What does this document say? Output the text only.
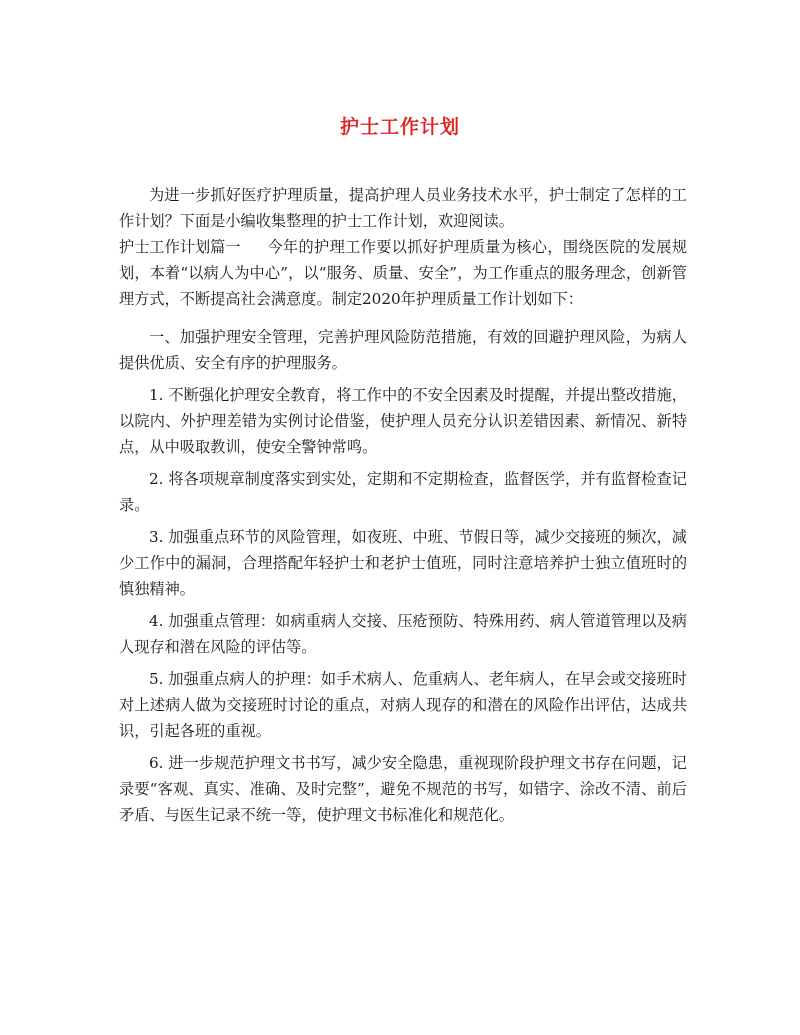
护士工作计划

为进一步抓好医疗护理质量，提高护理人员业务技术水平，护士制定了怎样的工作计划？下面是小编收集整理的护士工作计划，欢迎阅读。

护士工作计划篇一 今年的护理工作要以抓好护理质量为核心，围绕医院的发展规划，本着“以病人为中心”，以“服务、质量、安全”，为工作重点的服务理念，创新管理方式，不断提高社会满意度。制定2020年护理质量工作计划如下：

一、加强护理安全管理，完善护理风险防范措施，有效的回避护理风险，为病人提供优质、安全有序的护理服务。

1. 不断强化护理安全教育，将工作中的不安全因素及时提醒，并提出整改措施，以院内、外护理差错为实例讨论借鉴，使护理人员充分认识差错因素、新情况、新特点，从中吸取教训，使安全警钟常鸣。

2. 将各项规章制度落实到实处，定期和不定期检查，监督医学，并有监督检查记录。

3. 加强重点环节的风险管理，如夜班、中班、节假日等，减少交接班的频次，减少工作中的漏洞，合理搭配年轻护士和老护士值班，同时注意培养护士独立值班时的慎独精神。

4. 加强重点管理：如病重病人交接、压疮预防、特殊用药、病人管道管理以及病人现存和潜在风险的评估等。

5. 加强重点病人的护理：如手术病人、危重病人、老年病人，在早会或交接班时对上述病人做为交接班时讨论的重点，对病人现存的和潜在的风险作出评估，达成共识，引起各班的重视。

6. 进一步规范护理文书书写，减少安全隐患，重视现阶段护理文书存在问题，记录要“客观、真实、准确、及时完整”，避免不规范的书写，如错字、涂改不清、前后矛盾、与医生记录不统一等，使护理文书标准化和规范化。
